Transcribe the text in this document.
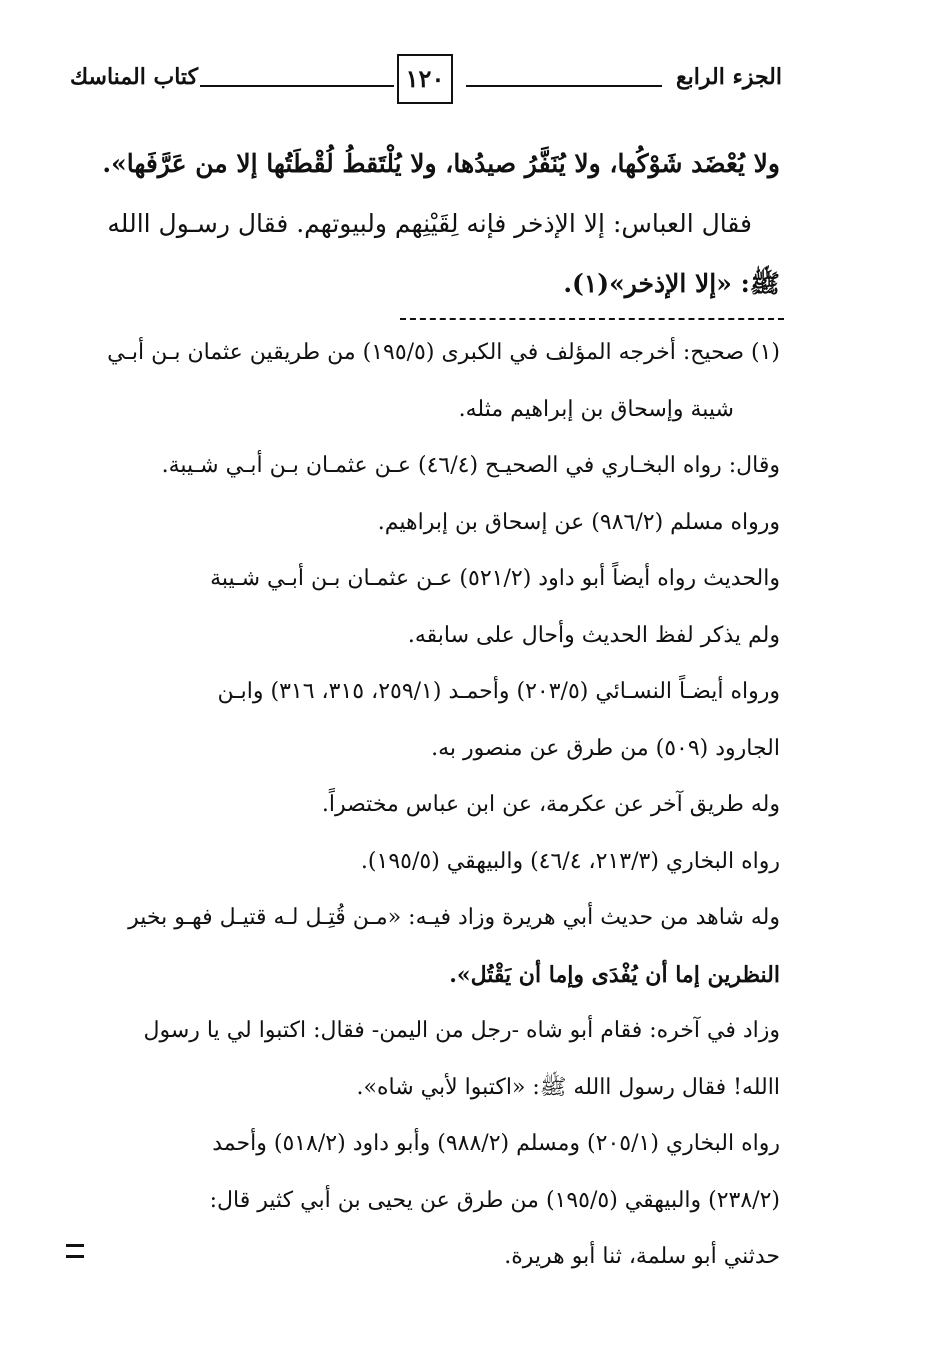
الجزء الرابع
١٢٠
كتاب المناسك
ولا يُعْضَد شَوْكُها، ولا يُنَفَّرُ صيدُها، ولا يُلْتَقطُ لُقْطَتُها إلا من عَرَّفَها».
فقال العباس: إلا الإذخر فإنه لِقَيْنِهم ولبيوتهم. فقال رسـول االله
ﷺ: «إلا الإذخر»(١).
(١) صحيح: أخرجه المؤلف في الكبرى (١٩٥/٥) من طريقين عثمان بـن أبـي
شيبة وإسحاق بن إبراهيم مثله.
وقال: رواه البخـاري في الصحيـح (٤٦/٤) عـن عثمـان بـن أبـي شـيبة.
ورواه مسلم (٩٨٦/٢) عن إسحاق بن إبراهيم.
والحديث رواه أيضاً أبو داود (٥٢١/٢) عـن عثمـان بـن أبـي شـيبة
ولم يذكر لفظ الحديث وأحال على سابقه.
ورواه أيضـاً النسـائي (٢٠٣/٥) وأحمـد (٢٥٩/١، ٣١٥، ٣١٦) وابـن
الجارود (٥٠٩) من طرق عن منصور به.
وله طريق آخر عن عكرمة، عن ابن عباس مختصراً.
رواه البخاري (٢١٣/٣، ٤٦/٤) والبيهقي (١٩٥/٥).
وله شاهد من حديث أبي هريرة وزاد فيـه: «مـن قُتِـل لـه قتيـل فهـو بخير
النظرين إما أن يُفْدَى وإما أن يَقْتُل».
وزاد في آخره: فقام أبو شاه -رجل من اليمن- فقال: اكتبوا لي يا رسول
االله! فقال رسول االله ﷺ: «اكتبوا لأبي شاه».
رواه البخاري (٢٠٥/١) ومسلم (٩٨٨/٢) وأبو داود (٥١٨/٢) وأحمد
(٢٣٨/٢) والبيهقي (١٩٥/٥) من طرق عن يحيى بن أبي كثير قال:
حدثني أبو سلمة، ثنا أبو هريرة.
